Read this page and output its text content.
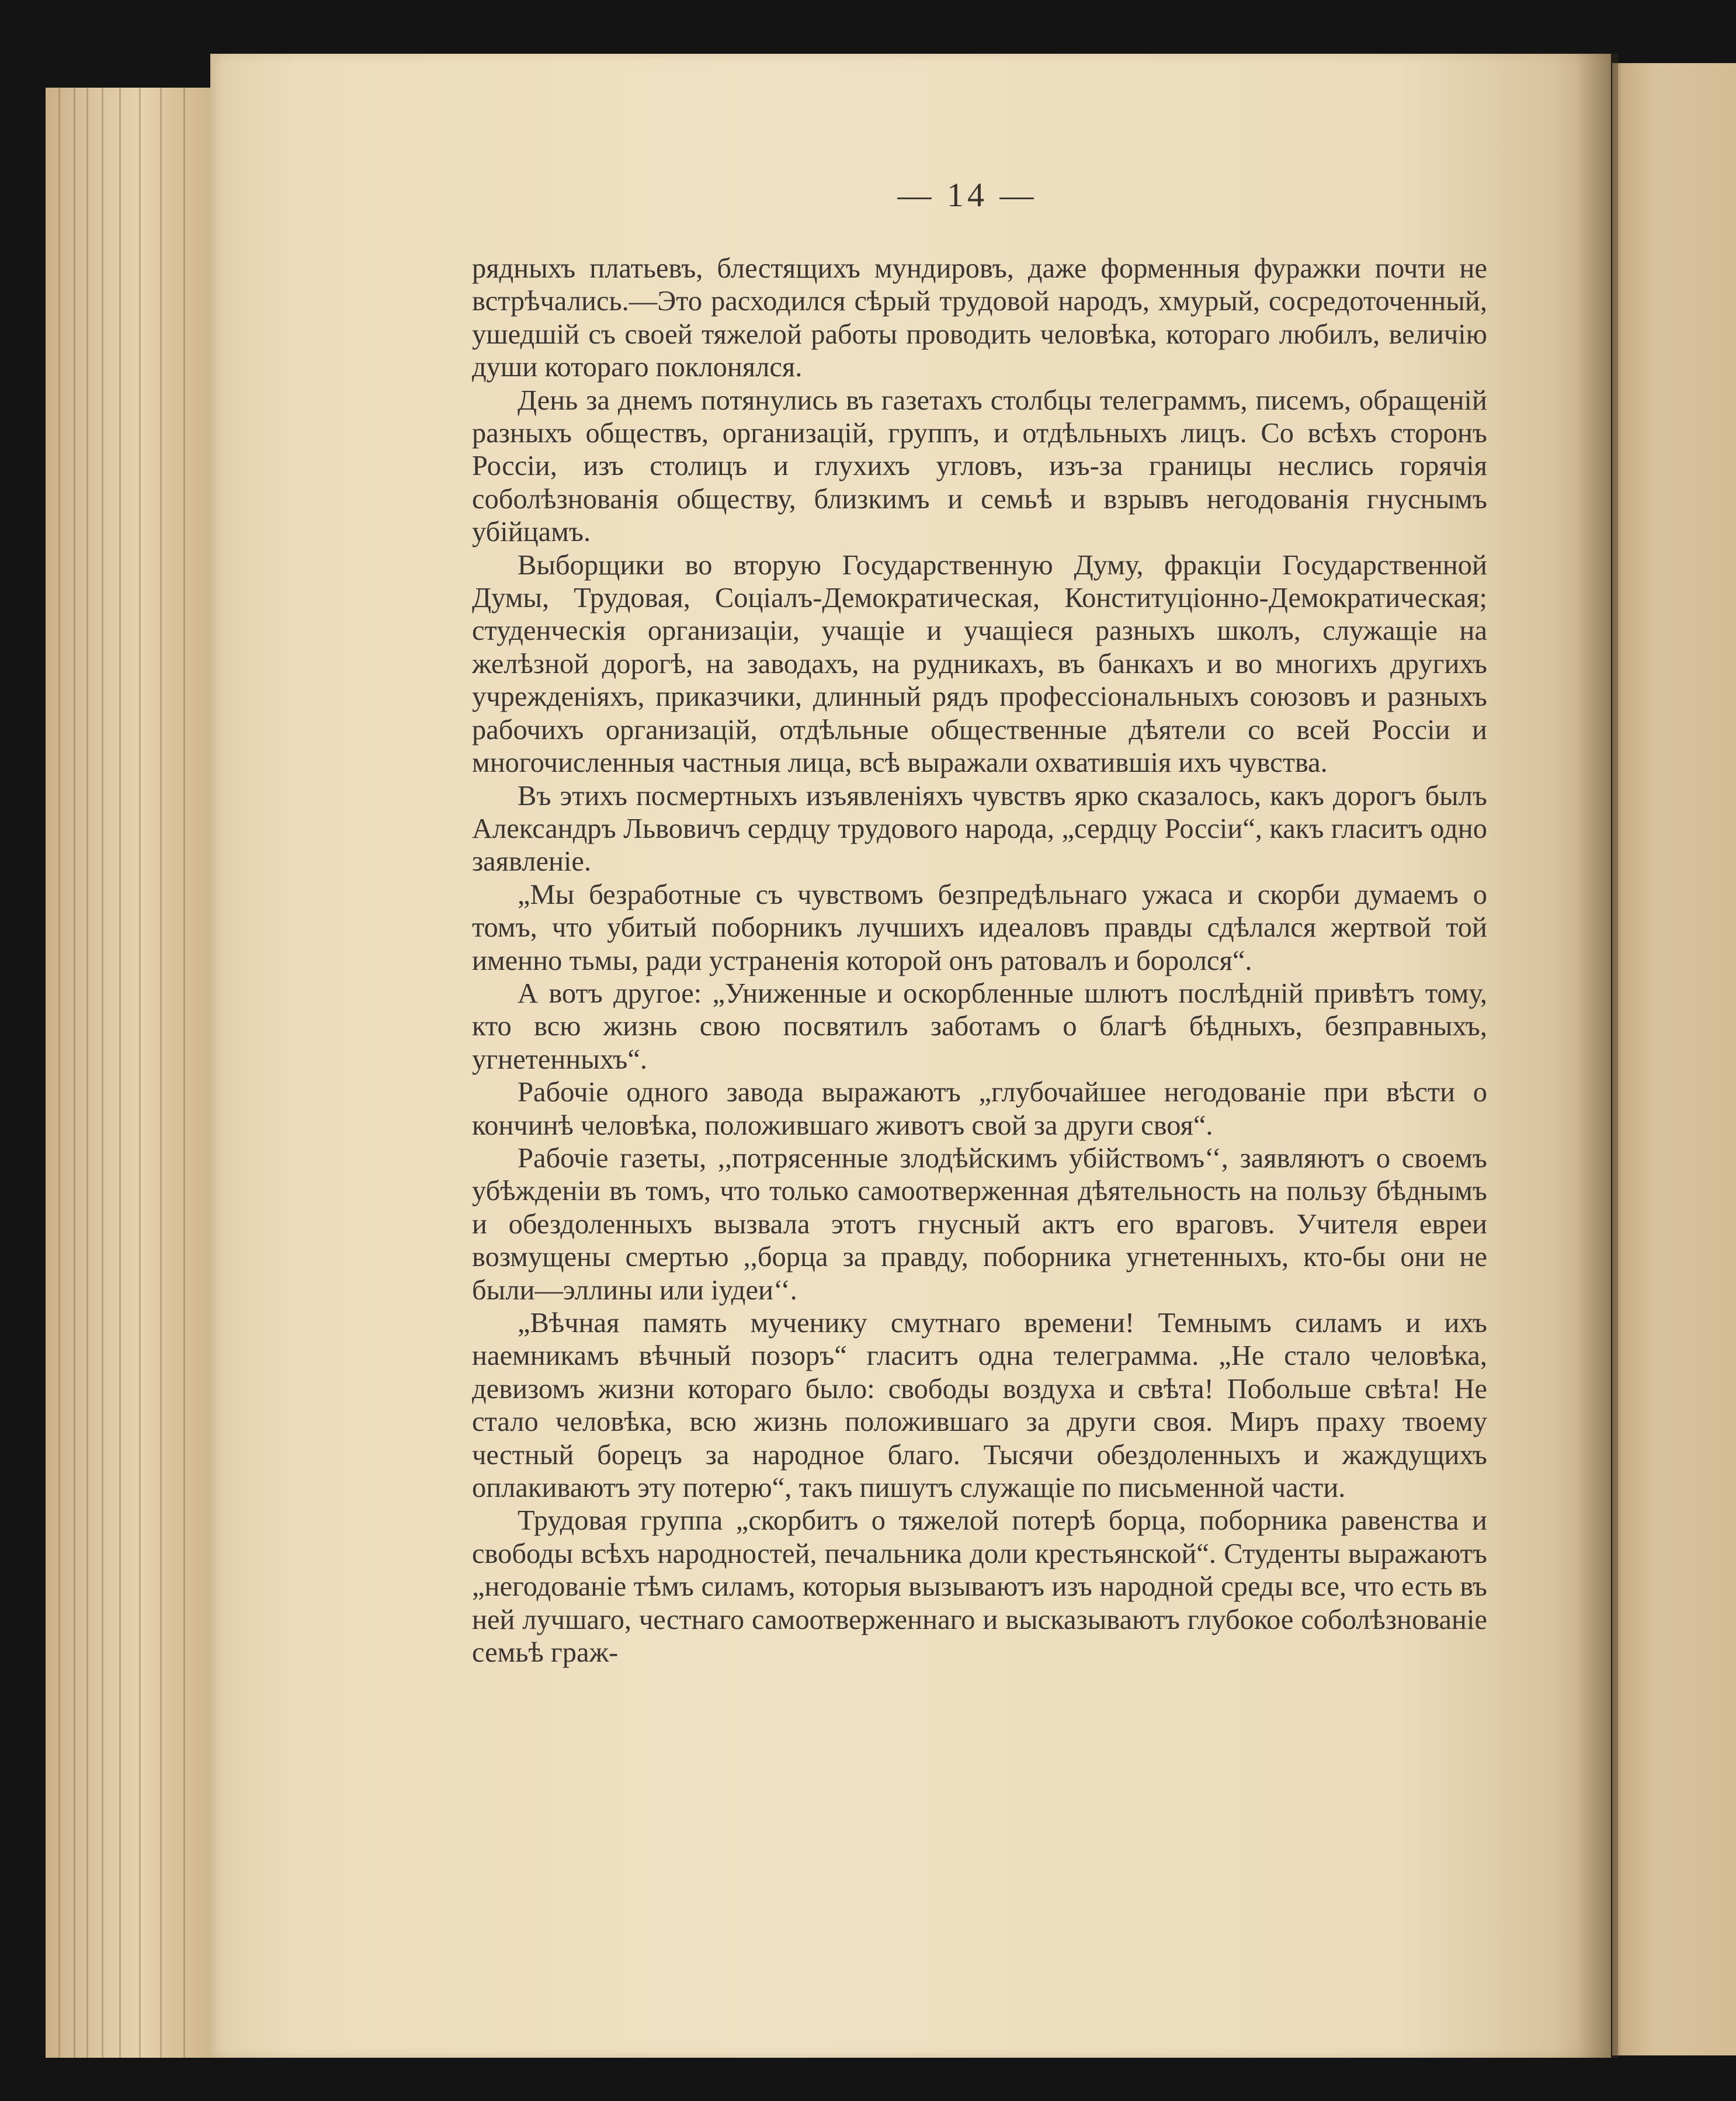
— 14 —

рядныхъ платьевъ, блестящихъ мундировъ, даже форменныя фуражки почти не встрѣчались.—Это расходился сѣрый трудовой народъ, хмурый, сосредоточенный, ушедшій съ своей тяжелой работы проводить человѣка, котораго любилъ, величію души котораго поклонялся.

День за днемъ потянулись въ газетахъ столбцы телеграммъ, писемъ, обращеній разныхъ обществъ, организацій, группъ, и отдѣльныхъ лицъ. Со всѣхъ сторонъ Россіи, изъ столицъ и глухихъ угловъ, изъ-за границы неслись горячія соболѣзнованія обществу, близкимъ и семьѣ и взрывъ негодованія гнуснымъ убійцамъ.

Выборщики во вторую Государственную Думу, фракціи Государственной Думы, Трудовая, Соціалъ-Демократическая, Конституціонно-Демократическая; студенческія организаціи, учащіе и учащіеся разныхъ школъ, служащіе на желѣзной дорогѣ, на заводахъ, на рудникахъ, въ банкахъ и во многихъ другихъ учрежденіяхъ, приказчики, длинный рядъ профессіональныхъ союзовъ и разныхъ рабочихъ организацій, отдѣльные общественные дѣятели со всей Россіи и многочисленныя частныя лица, всѣ выражали охватившія ихъ чувства.

Въ этихъ посмертныхъ изъявленіяхъ чувствъ ярко сказалось, какъ дорогъ былъ Александръ Львовичъ сердцу трудового народа, „сердцу Россіи“, какъ гласитъ одно заявленіе.

„Мы безработные съ чувствомъ безпредѣльнаго ужаса и скорби думаемъ о томъ, что убитый поборникъ лучшихъ идеаловъ правды сдѣлался жертвой той именно тьмы, ради устраненія которой онъ ратовалъ и боролся“.

А вотъ другое: „Униженные и оскорбленные шлютъ послѣдній привѣтъ тому, кто всю жизнь свою посвятилъ заботамъ о благѣ бѣдныхъ, безправныхъ, угнетенныхъ“.

Рабочіе одного завода выражаютъ „глубочайшее негодованіе при вѣсти о кончинѣ человѣка, положившаго животъ свой за други своя“.

Рабочіе газеты, ,,потрясенные злодѣйскимъ убійствомъ‘‘, заявляютъ о своемъ убѣжденіи въ томъ, что только самоотверженная дѣятельность на пользу бѣднымъ и обездоленныхъ вызвала этотъ гнусный актъ его враговъ. Учителя евреи возмущены смертью ,,борца за правду, поборника угнетенныхъ, кто-бы они не были—эллины или іудеи‘‘.

„Вѣчная память мученику смутнаго времени! Темнымъ силамъ и ихъ наемникамъ вѣчный позоръ“ гласитъ одна телеграмма. „Не стало человѣка, девизомъ жизни котораго было: свободы воздуха и свѣта! Побольше свѣта! Не стало человѣка, всю жизнь положившаго за други своя. Миръ праху твоему честный борецъ за народное благо. Тысячи обездоленныхъ и жаждущихъ оплакиваютъ эту потерю“, такъ пишутъ служащіе по письменной части.

Трудовая группа „скорбитъ о тяжелой потерѣ борца, поборника равенства и свободы всѣхъ народностей, печальника доли крестьянской“. Студенты выражаютъ „негодованіе тѣмъ силамъ, которыя вызываютъ изъ народной среды все, что есть въ ней лучшаго, честнаго самоотверженнаго и высказываютъ глубокое соболѣзнованіе семьѣ граж-
